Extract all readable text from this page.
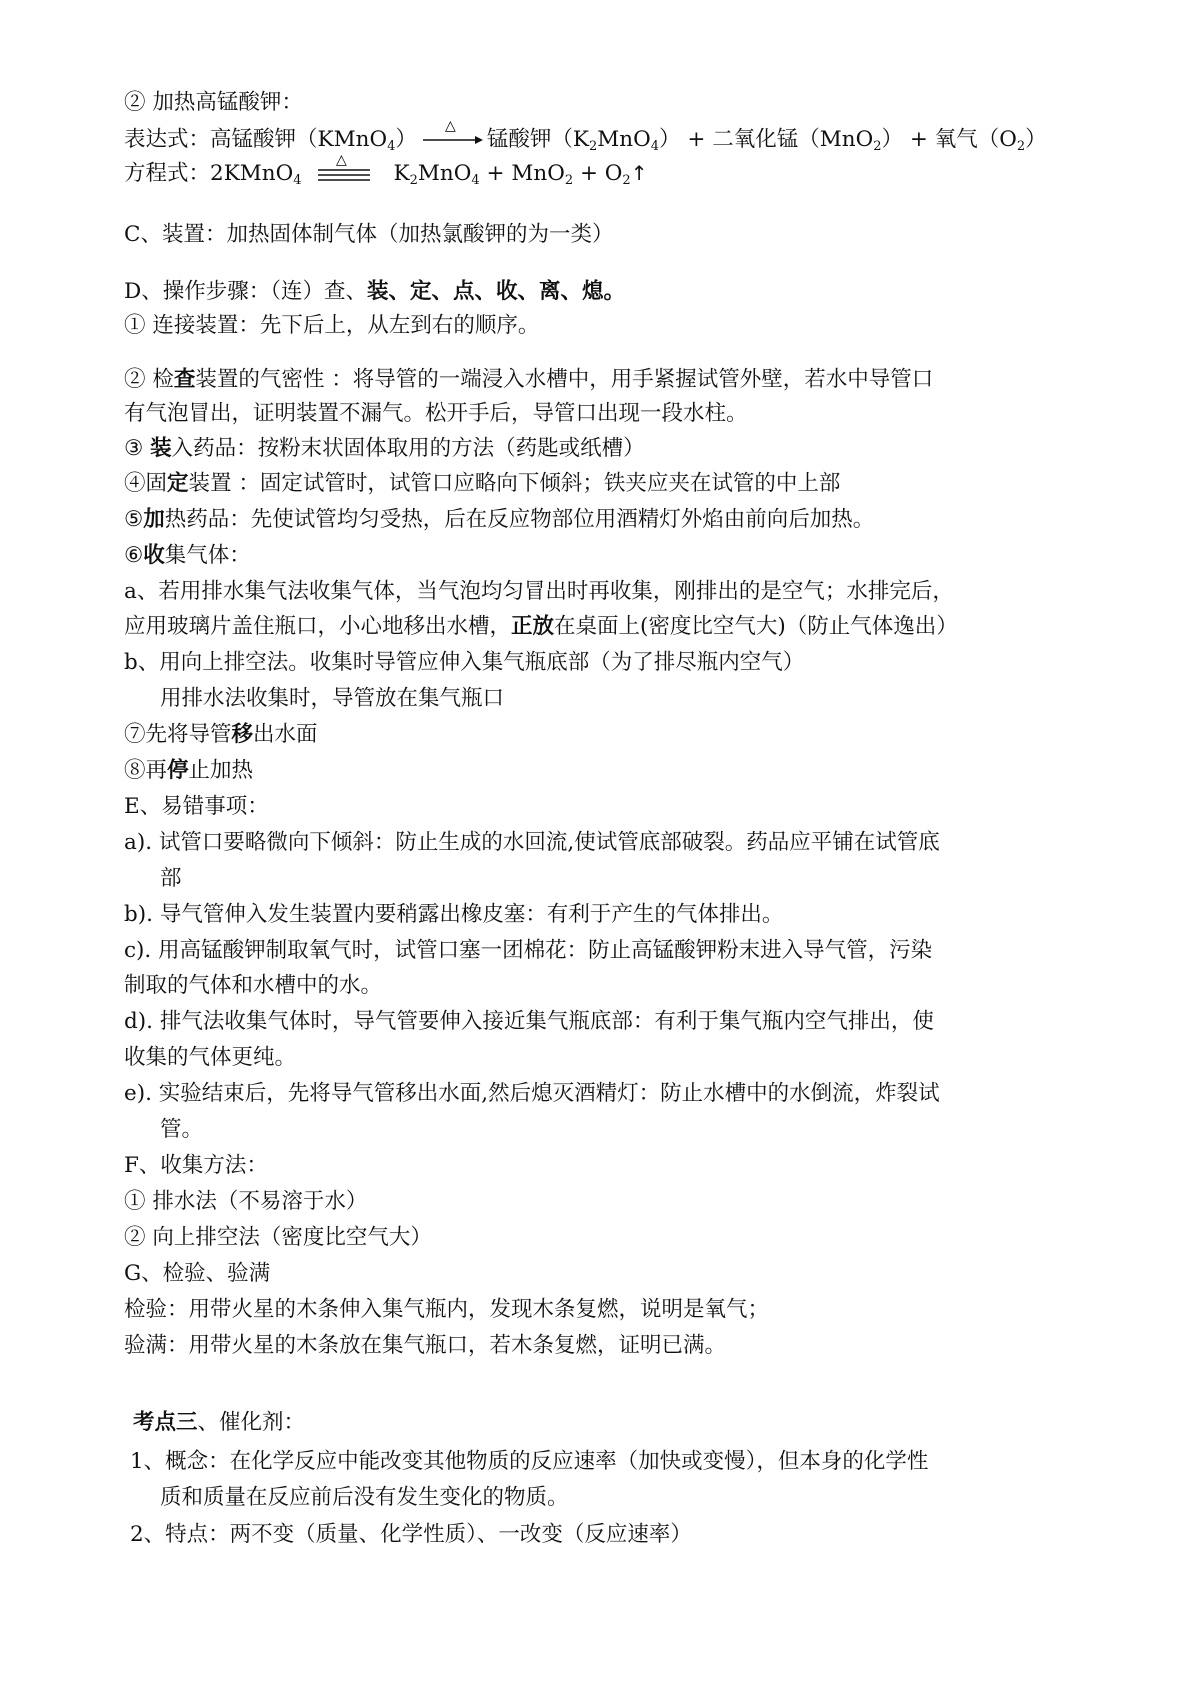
② 加热高锰酸钾：
表达式：高锰酸钾（KMnO$_4$）
△
锰酸钾$(K_2MnO_4)$ + 二氧化锰（MnO$_2$） + 氧气$(O_2)$
方程式：2KMnO$_4$
△
$K_2MnO_4 + MnO_2$ + $O_2↑$
C、装置：加热固体制气体（加热氯酸钾的为一类）
D、操作步骤：（连）查、装、定、点、收、离、熄。
① 连接装置：先下后上，从左到右的顺序。
② 检查装置的气密性 ：将导管的一端浸入水槽中，用手紧握试管外壁，若水中导管口
有气泡冒出，证明装置不漏气。松开手后，导管口出现一段水柱。
③ 装入药品：按粉末状固体取用的方法（药匙或纸槽）
④固定装置 ：固定试管时，试管口应略向下倾斜；铁夹应夹在试管的中上部
⑤加热药品：先使试管均匀受热，后在反应物部位用酒精灯外焰由前向后加热。
⑥收集气体：
a、若用排水集气法收集气体，当气泡均匀冒出时再收集，刚排出的是空气；水排完后，
应用玻璃片盖住瓶口，小心地移出水槽，正放在桌面上(密度比空气大)（防止气体逸出）
b、用向上排空法。收集时导管应伸入集气瓶底部（为了排尽瓶内空气）
用排水法收集时，导管放在集气瓶口
⑦先将导管移出水面
⑧再停止加热
E、易错事项：
a). 试管口要略微向下倾斜：防止生成的水回流,使试管底部破裂。药品应平铺在试管底
部
b). 导气管伸入发生装置内要稍露出橡皮塞：有利于产生的气体排出。
c). 用高锰酸钾制取氧气时，试管口塞一团棉花：防止高锰酸钾粉末进入导气管，污染
制取的气体和水槽中的水。
d). 排气法收集气体时，导气管要伸入接近集气瓶底部：有利于集气瓶内空气排出，使
收集的气体更纯。
e). 实验结束后，先将导气管移出水面,然后熄灭酒精灯：防止水槽中的水倒流，炸裂试
管。
F、收集方法：
① 排水法（不易溶于水）
② 向上排空法（密度比空气大）
G、检验、验满
检验：用带火星的木条伸入集气瓶内，发现木条复燃，说明是氧气；
验满：用带火星的木条放在集气瓶口，若木条复燃，证明已满。
考点三、催化剂：
1、概念：在化学反应中能改变其他物质的反应速率（加快或变慢），但本身的化学性
质和质量在反应前后没有发生变化的物质。
2、特点：两不变（质量、化学性质）、一改变（反应速率）
